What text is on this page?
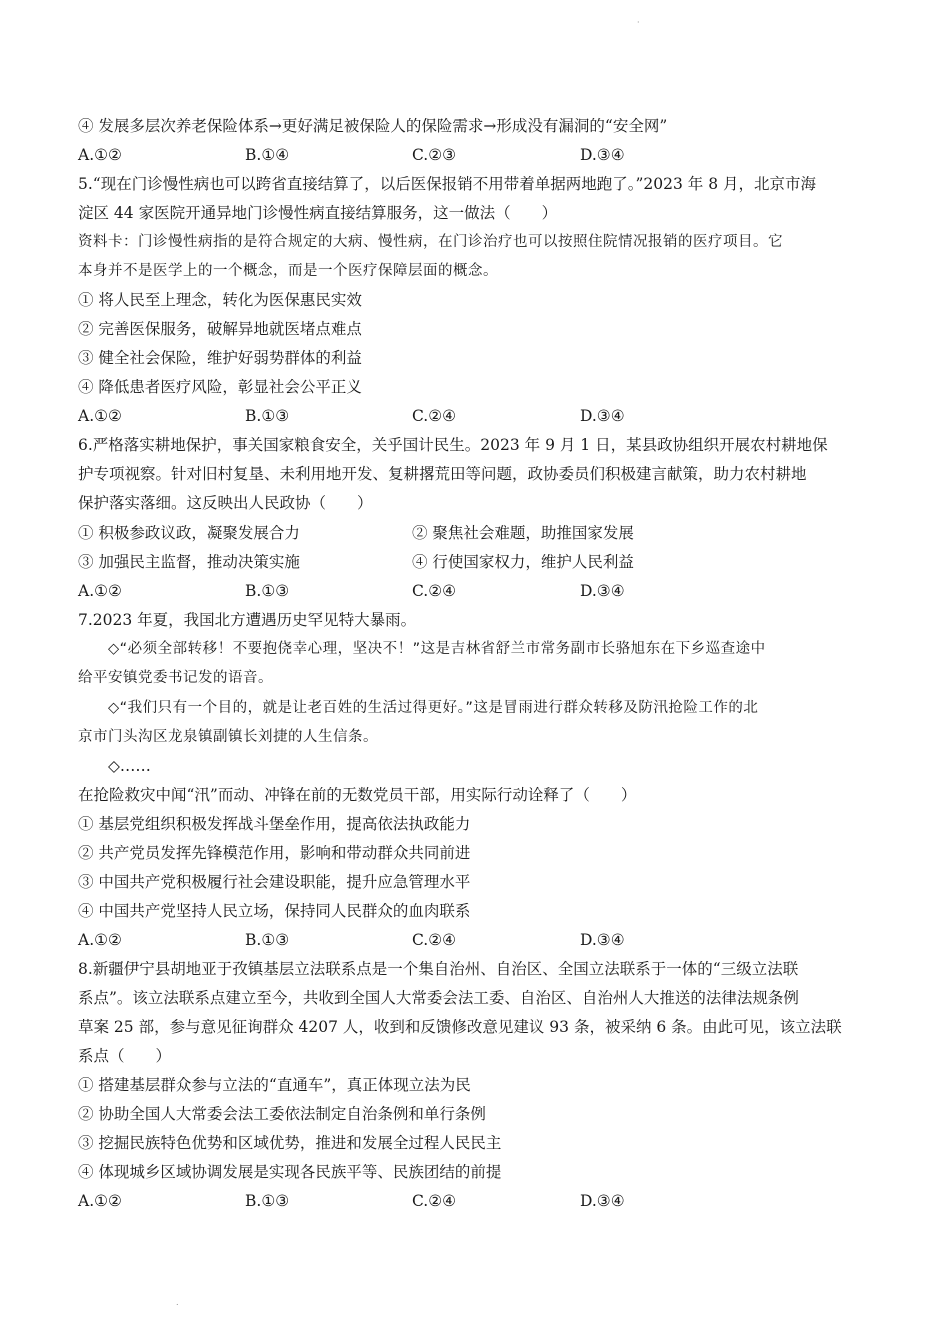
·
④ 发展多层次养老保险体系→更好满足被保险人的保险需求→形成没有漏洞的“安全网”
A.①②	B.①④	C.②③	D.③④
5.“现在门诊慢性病也可以跨省直接结算了，以后医保报销不用带着单据两地跑了。”2023 年 8 月，北京市海
淀区 44 家医院开通异地门诊慢性病直接结算服务，这一做法（　　）
资料卡：门诊慢性病指的是符合规定的大病、慢性病，在门诊治疗也可以按照住院情况报销的医疗项目。它
本身并不是医学上的一个概念，而是一个医疗保障层面的概念。
① 将人民至上理念，转化为医保惠民实效
② 完善医保服务，破解异地就医堵点难点
③ 健全社会保险，维护好弱势群体的利益
④ 降低患者医疗风险，彰显社会公平正义
A.①②	B.①③	C.②④	D.③④
6.严格落实耕地保护，事关国家粮食安全，关乎国计民生。2023 年 9 月 1 日，某县政协组织开展农村耕地保
护专项视察。针对旧村复垦、未利用地开发、复耕撂荒田等问题，政协委员们积极建言献策，助力农村耕地
保护落实落细。这反映出人民政协（　　）
① 积极参政议政，凝聚发展合力	② 聚焦社会难题，助推国家发展
③ 加强民主监督，推动决策实施	④ 行使国家权力，维护人民利益
A.①②	B.①③	C.②④	D.③④
7.2023 年夏，我国北方遭遇历史罕见特大暴雨。
◇“必须全部转移！不要抱侥幸心理，坚决不！”这是吉林省舒兰市常务副市长骆旭东在下乡巡查途中
给平安镇党委书记发的语音。
◇“我们只有一个目的，就是让老百姓的生活过得更好。”这是冒雨进行群众转移及防汛抢险工作的北
京市门头沟区龙泉镇副镇长刘捷的人生信条。
◇……
在抢险救灾中闻“汛”而动、冲锋在前的无数党员干部，用实际行动诠释了（　　）
① 基层党组织积极发挥战斗堡垒作用，提高依法执政能力
② 共产党员发挥先锋模范作用，影响和带动群众共同前进
③ 中国共产党积极履行社会建设职能，提升应急管理水平
④ 中国共产党坚持人民立场，保持同人民群众的血肉联系
A.①②	B.①③	C.②④	D.③④
8.新疆伊宁县胡地亚于孜镇基层立法联系点是一个集自治州、自治区、全国立法联系于一体的“三级立法联
系点”。该立法联系点建立至今，共收到全国人大常委会法工委、自治区、自治州人大推送的法律法规条例
草案 25 部，参与意见征询群众 4207 人，收到和反馈修改意见建议 93 条，被采纳 6 条。由此可见，该立法联
系点（　　）
① 搭建基层群众参与立法的“直通车”，真正体现立法为民
② 协助全国人大常委会法工委依法制定自治条例和单行条例
③ 挖掘民族特色优势和区域优势，推进和发展全过程人民民主
④ 体现城乡区域协调发展是实现各民族平等、民族团结的前提
A.①②	B.①③	C.②④	D.③④
.
